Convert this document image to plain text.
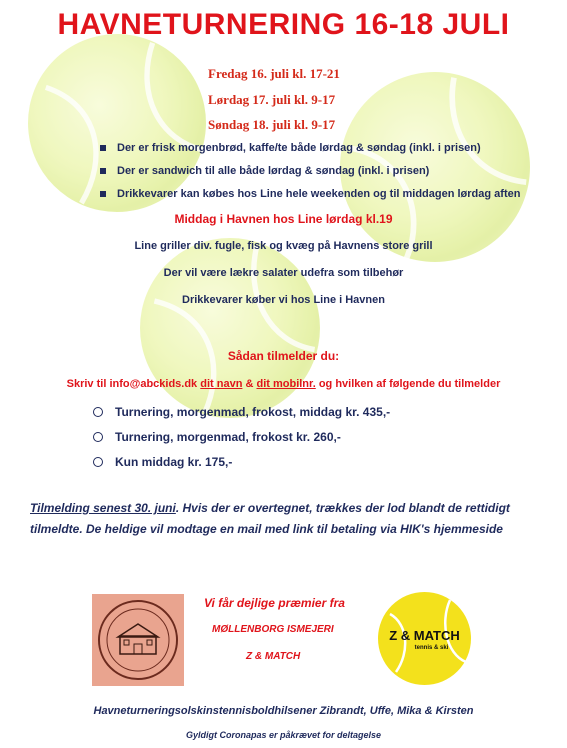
HAVNETURNERING 16-18 JULI
Fredag 16. juli kl. 17-21
Lørdag 17. juli kl. 9-17
Søndag 18. juli kl. 9-17
Der er frisk morgenbrød, kaffe/te både lørdag & søndag (inkl. i prisen)
Der er sandwich til alle både lørdag & søndag (inkl. i prisen)
Drikkevarer kan købes hos Line hele weekenden og til middagen lørdag aften
Middag i Havnen hos Line lørdag kl.19
Line griller div. fugle, fisk og kvæg på Havnens store grill
Der vil være lækre salater udefra som tilbehør
Drikkevarer køber vi hos Line i Havnen
Sådan tilmelder du:
Skriv til info@abckids.dk dit navn & dit mobilnr. og hvilken af følgende du tilmelder
Turnering, morgenmad, frokost, middag kr. 435,-
Turnering, morgenmad, frokost kr. 260,-
Kun middag kr. 175,-
Tilmelding senest 30. juni. Hvis der er overtegnet, trækkes der lod blandt de rettidigt
tilmeldte. De heldige vil modtage en mail med link til betaling via HIK's hjemmeside
Vi får dejlige præmier fra
MØLLENBORG ISMEJERI
Z & MATCH
Z & MATCH
tennis & ski
Havneturneringsolskinstennisboldhilsener Zibrandt, Uffe, Mika & Kirsten
Gyldigt Coronapas er påkrævet for deltagelse
